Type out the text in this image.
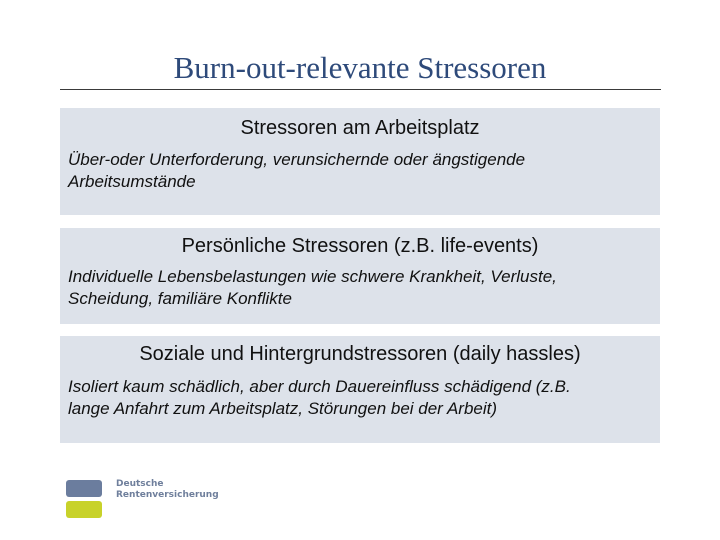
Burn-out-relevante Stressoren
Stressoren am Arbeitsplatz
Über-oder Unterforderung, verunsichernde oder ängstigende
Arbeitsumstände
Persönliche Stressoren (z.B. life-events)
Individuelle Lebensbelastungen wie schwere Krankheit, Verluste,
Scheidung, familiäre Konflikte
Soziale und Hintergrundstressoren (daily hassles)
Isoliert kaum schädlich, aber durch Dauereinfluss schädigend (z.B.
lange Anfahrt zum Arbeitsplatz, Störungen bei der Arbeit)
Deutsche
Rentenversicherung
